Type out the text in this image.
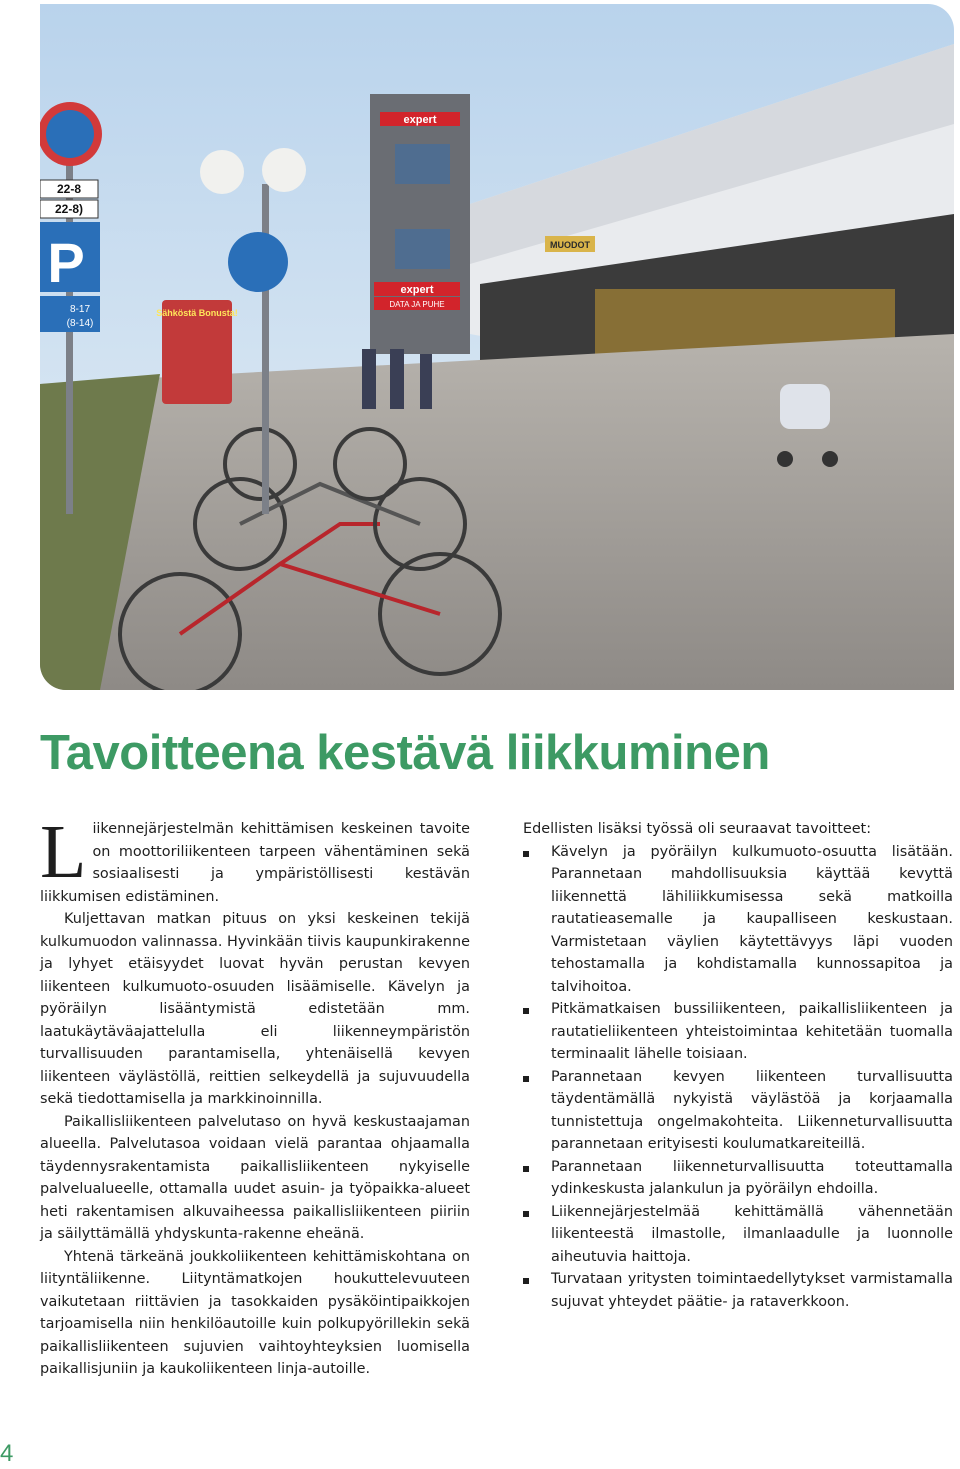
expert
expert
DATA JA PUHE
MUODOT
22-8
22-8)
P
8-17
(8-14)
Sähköstä Bonusta!
Tavoitteena kestävä liikkuminen

Liikennejärjestelmän kehittämisen keskeinen tavoite on moottoriliikenteen tarpeen vähentäminen sekä sosiaalisesti ja ympäristöllisesti kestävän liikkumisen edistäminen.

Kuljettavan matkan pituus on yksi keskeinen tekijä kulkumuodon valinnassa. Hyvinkään tiivis kaupunkirakenne ja lyhyet etäisyydet luovat hyvän perustan kevyen liikenteen kulkumuoto-osuuden lisäämiselle. Kävelyn ja pyöräilyn lisääntymistä edistetään mm. laatukäytäväajattelulla eli liikenneympäristön turvallisuuden parantamisella, yhtenäisellä kevyen liikenteen väylästöllä, reittien selkeydellä ja sujuvuudella sekä tiedottamisella ja markkinoinnilla.

Paikallisliikenteen palvelutaso on hyvä keskustaajaman alueella. Palvelutasoa voidaan vielä parantaa ohjaamalla täydennysrakentamista paikallisliikenteen nykyiselle palvelualueelle, ottamalla uudet asuin- ja työpaikka-alueet heti rakentamisen alkuvaiheessa paikallisliikenteen piiriin ja säilyttämällä yhdyskunta-rakenne eheänä.

Yhtenä tärkeänä joukkoliikenteen kehittämiskohtana on liityntäliikenne. Liityntämatkojen houkuttelevuuteen vaikutetaan riittävien ja tasokkaiden pysäköintipaikkojen tarjoamisella niin henkilöautoille kuin polkupyörillekin sekä paikallisliikenteen sujuvien vaihtoyhteyksien luomisella paikallisjuniin ja kaukoliikenteen linja-autoille.

Edellisten lisäksi työssä oli seuraavat tavoitteet:

Kävelyn ja pyöräilyn kulkumuoto-osuutta lisätään. Parannetaan mahdollisuuksia käyttää kevyttä liikennettä lähiliikkumisessa sekä matkoilla rautatieasemalle ja kaupalliseen keskustaan. Varmistetaan väylien käytettävyys läpi vuoden tehostamalla ja kohdistamalla kunnossapitoa ja talvihoitoa.
Pitkämatkaisen bussiliikenteen, paikallisliikenteen ja rautatieliikenteen yhteistoimintaa kehitetään tuomalla terminaalit lähelle toisiaan.
Parannetaan kevyen liikenteen turvallisuutta täydentämällä nykyistä väylästöä ja korjaamalla tunnistettuja ongelmakohteita. Liikenneturvallisuutta parannetaan erityisesti koulumatkareiteillä.
Parannetaan liikenneturvallisuutta toteuttamalla ydinkeskusta jalankulun ja pyöräilyn ehdoilla.
Liikennejärjestelmää kehittämällä vähennetään liikenteestä ilmastolle, ilmanlaadulle ja luonnolle aiheutuvia haittoja.
Turvataan yritysten toimintaedellytykset varmistamalla sujuvat yhteydet päätie- ja rataverkkoon.
4
